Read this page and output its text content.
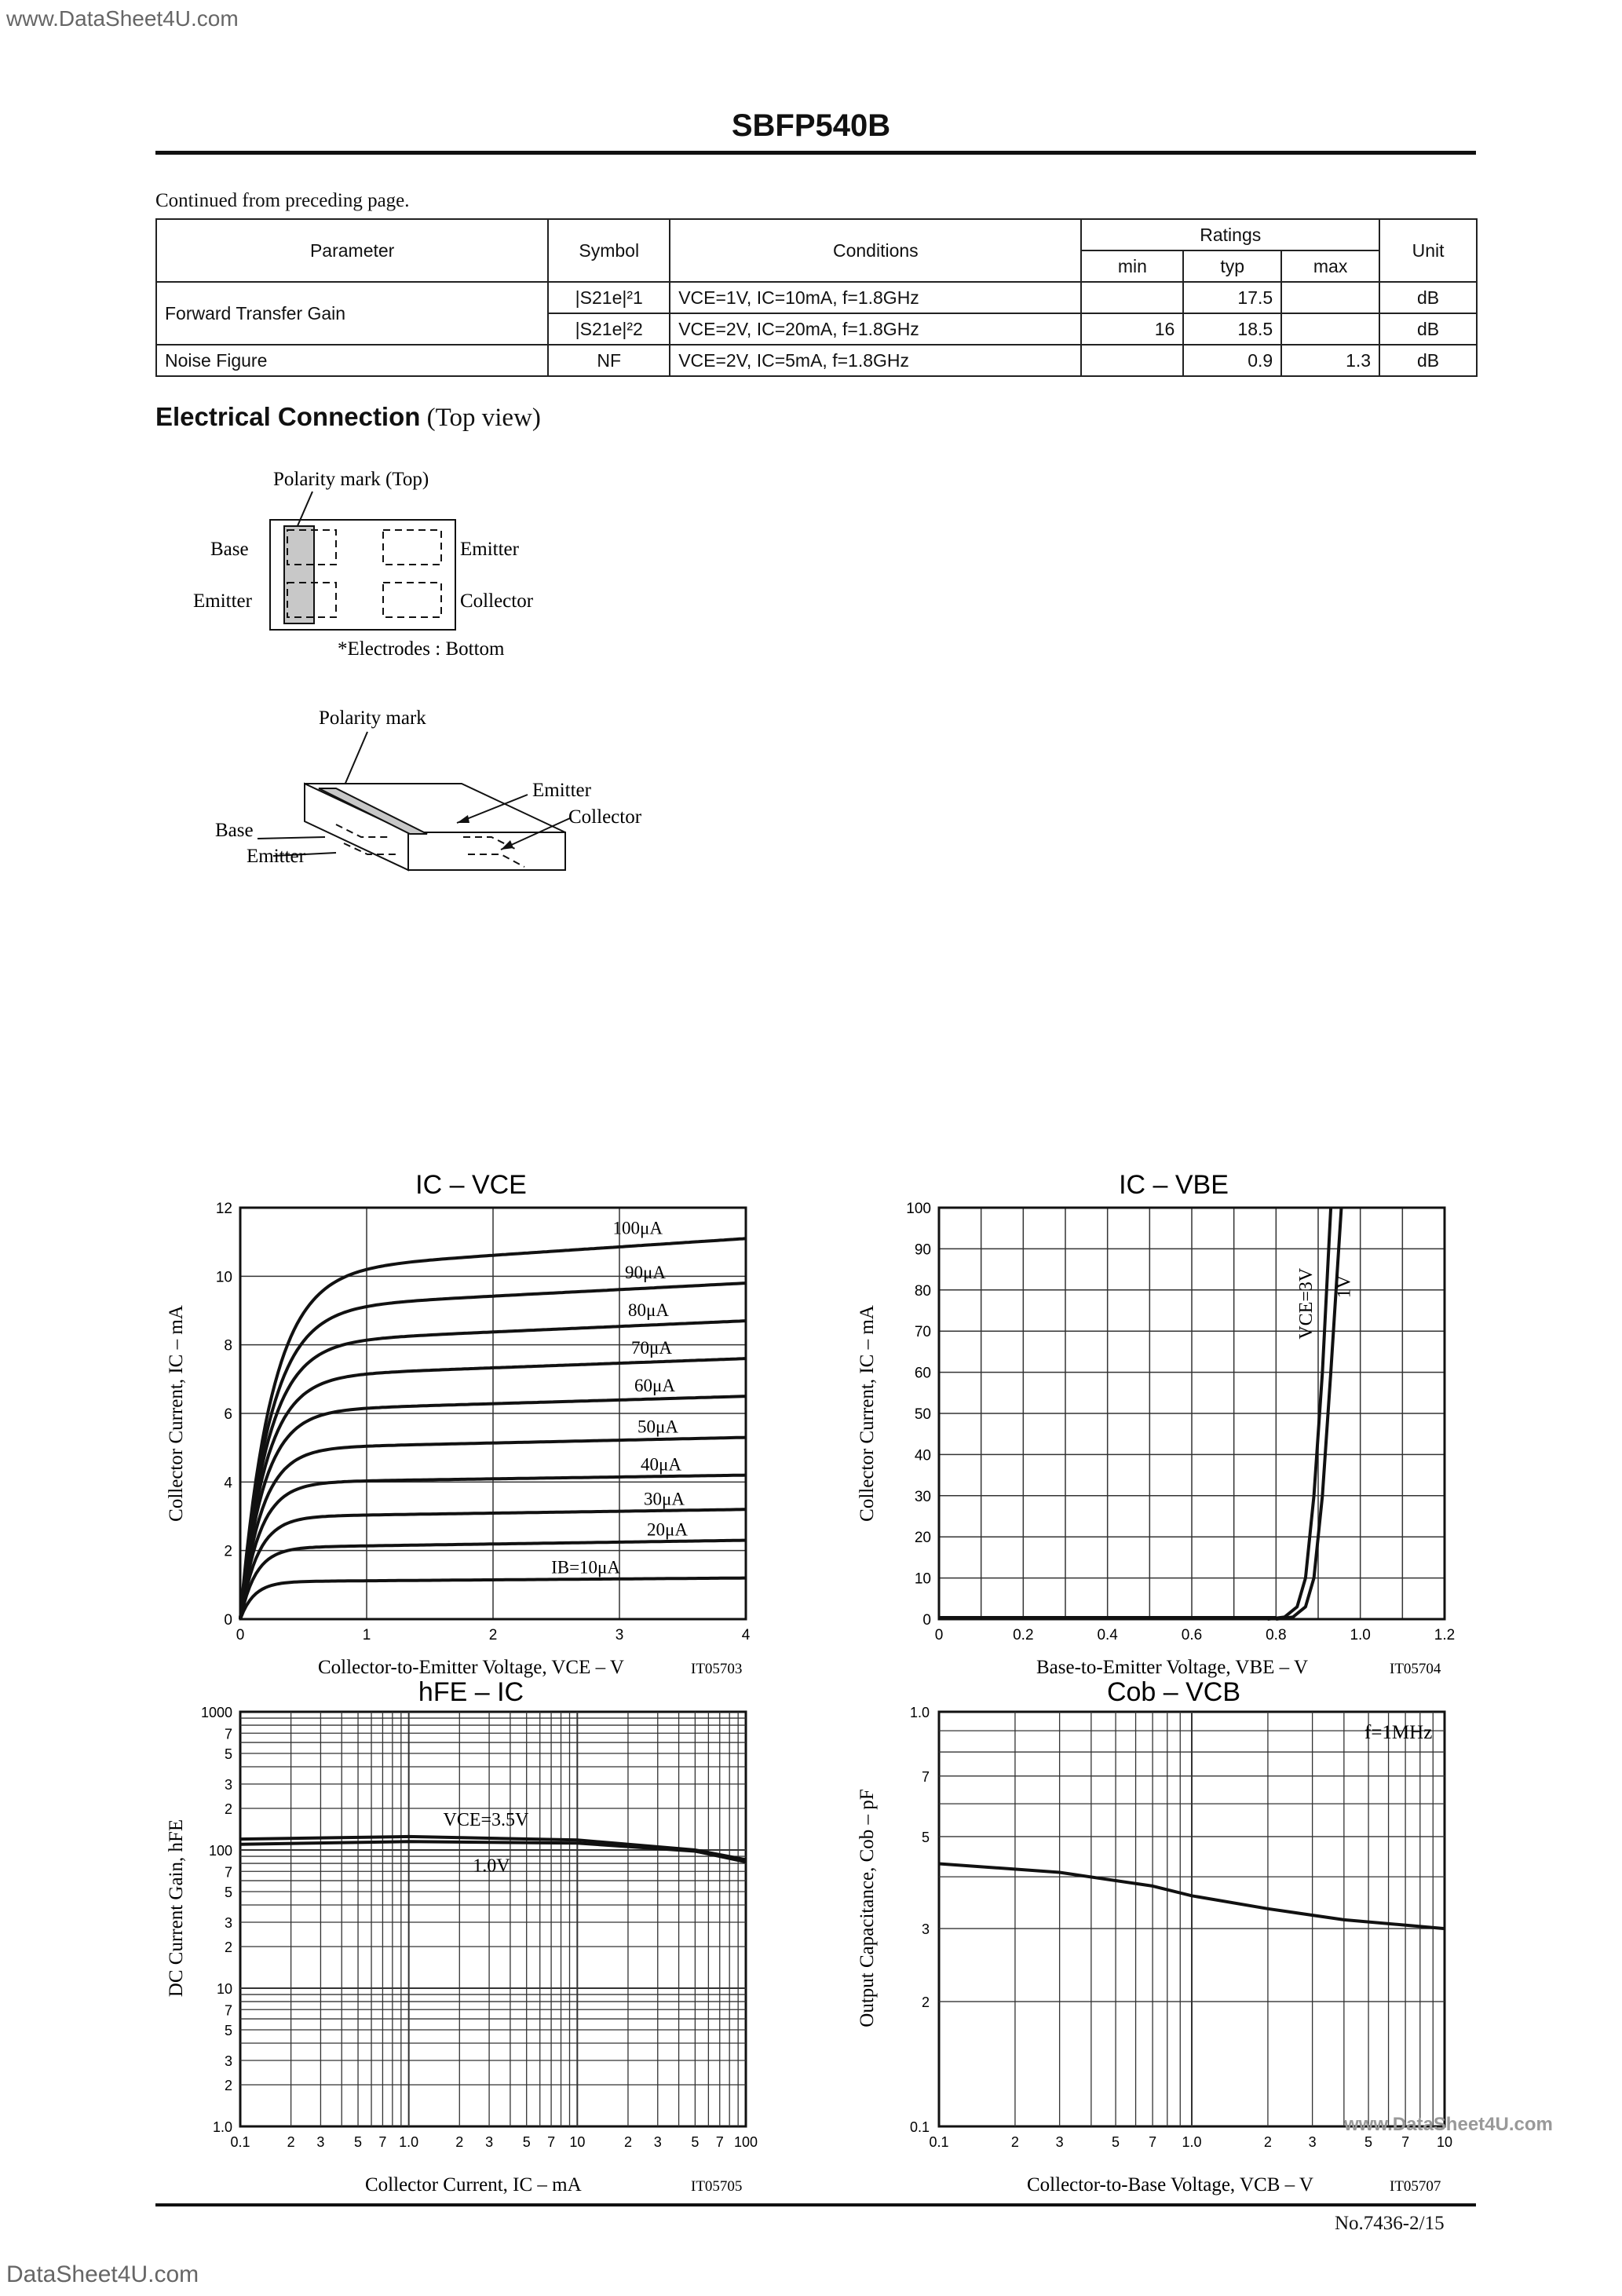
www.DataSheet4U.com
SBFP540B
Continued from preceding page.
Parameter	Symbol	Conditions	Ratings			Unit
			min	typ	max	
Forward Transfer Gain	|S21e|²1	VCE=1V, IC=10mA, f=1.8GHz		17.5		dB
	|S21e|²2	VCE=2V, IC=20mA, f=1.8GHz	16	18.5		dB
Noise Figure	NF	VCE=2V, IC=5mA, f=1.8GHz		0.9	1.3	dB
Electrical Connection (Top view)
Polarity mark (Top)
Base
Emitter
Emitter
Collector
*Electrodes : Bottom
Polarity mark
Emitter
Collector
Base
Emitter
IC – VCE
0	1	2	3	4
0
2
4
6
8
10
12
IB=10μA
20μA
30μA
40μA
50μA
60μA
70μA
80μA
90μA
100μA
Collector-to-Emitter Voltage, VCE – V	IT05703
Collector Current, IC – mA
IC – VBE
0	0.2	0.4	0.6	0.8	1.0	1.2
0
10
20
30
40
50
60
70
80
90
100
VCE=3V 1V
Base-to-Emitter Voltage, VBE – V	IT05704
Collector Current, IC – mA
hFE – IC
0.1	2 3 5 7 1.0	2 3 5 7 10	2 3 5 7 100
1.0
2
3
5
7
10
2
3
5
7
100
2
3
5
7
1000
VCE=3.5V
1.0V
Collector Current, IC – mA	IT05705
DC Current Gain, hFE
Cob – VCB
0.1	2	3	5 7 1.0	2	3	5 7 10
0.1
2
3
5
7
1.0
f=1MHz
Collector-to-Base Voltage, VCB – V	IT05707
Output Capacitance, Cob – pF
No.7436-2/15
DataSheet4U.com
www.DataSheet4U.com
